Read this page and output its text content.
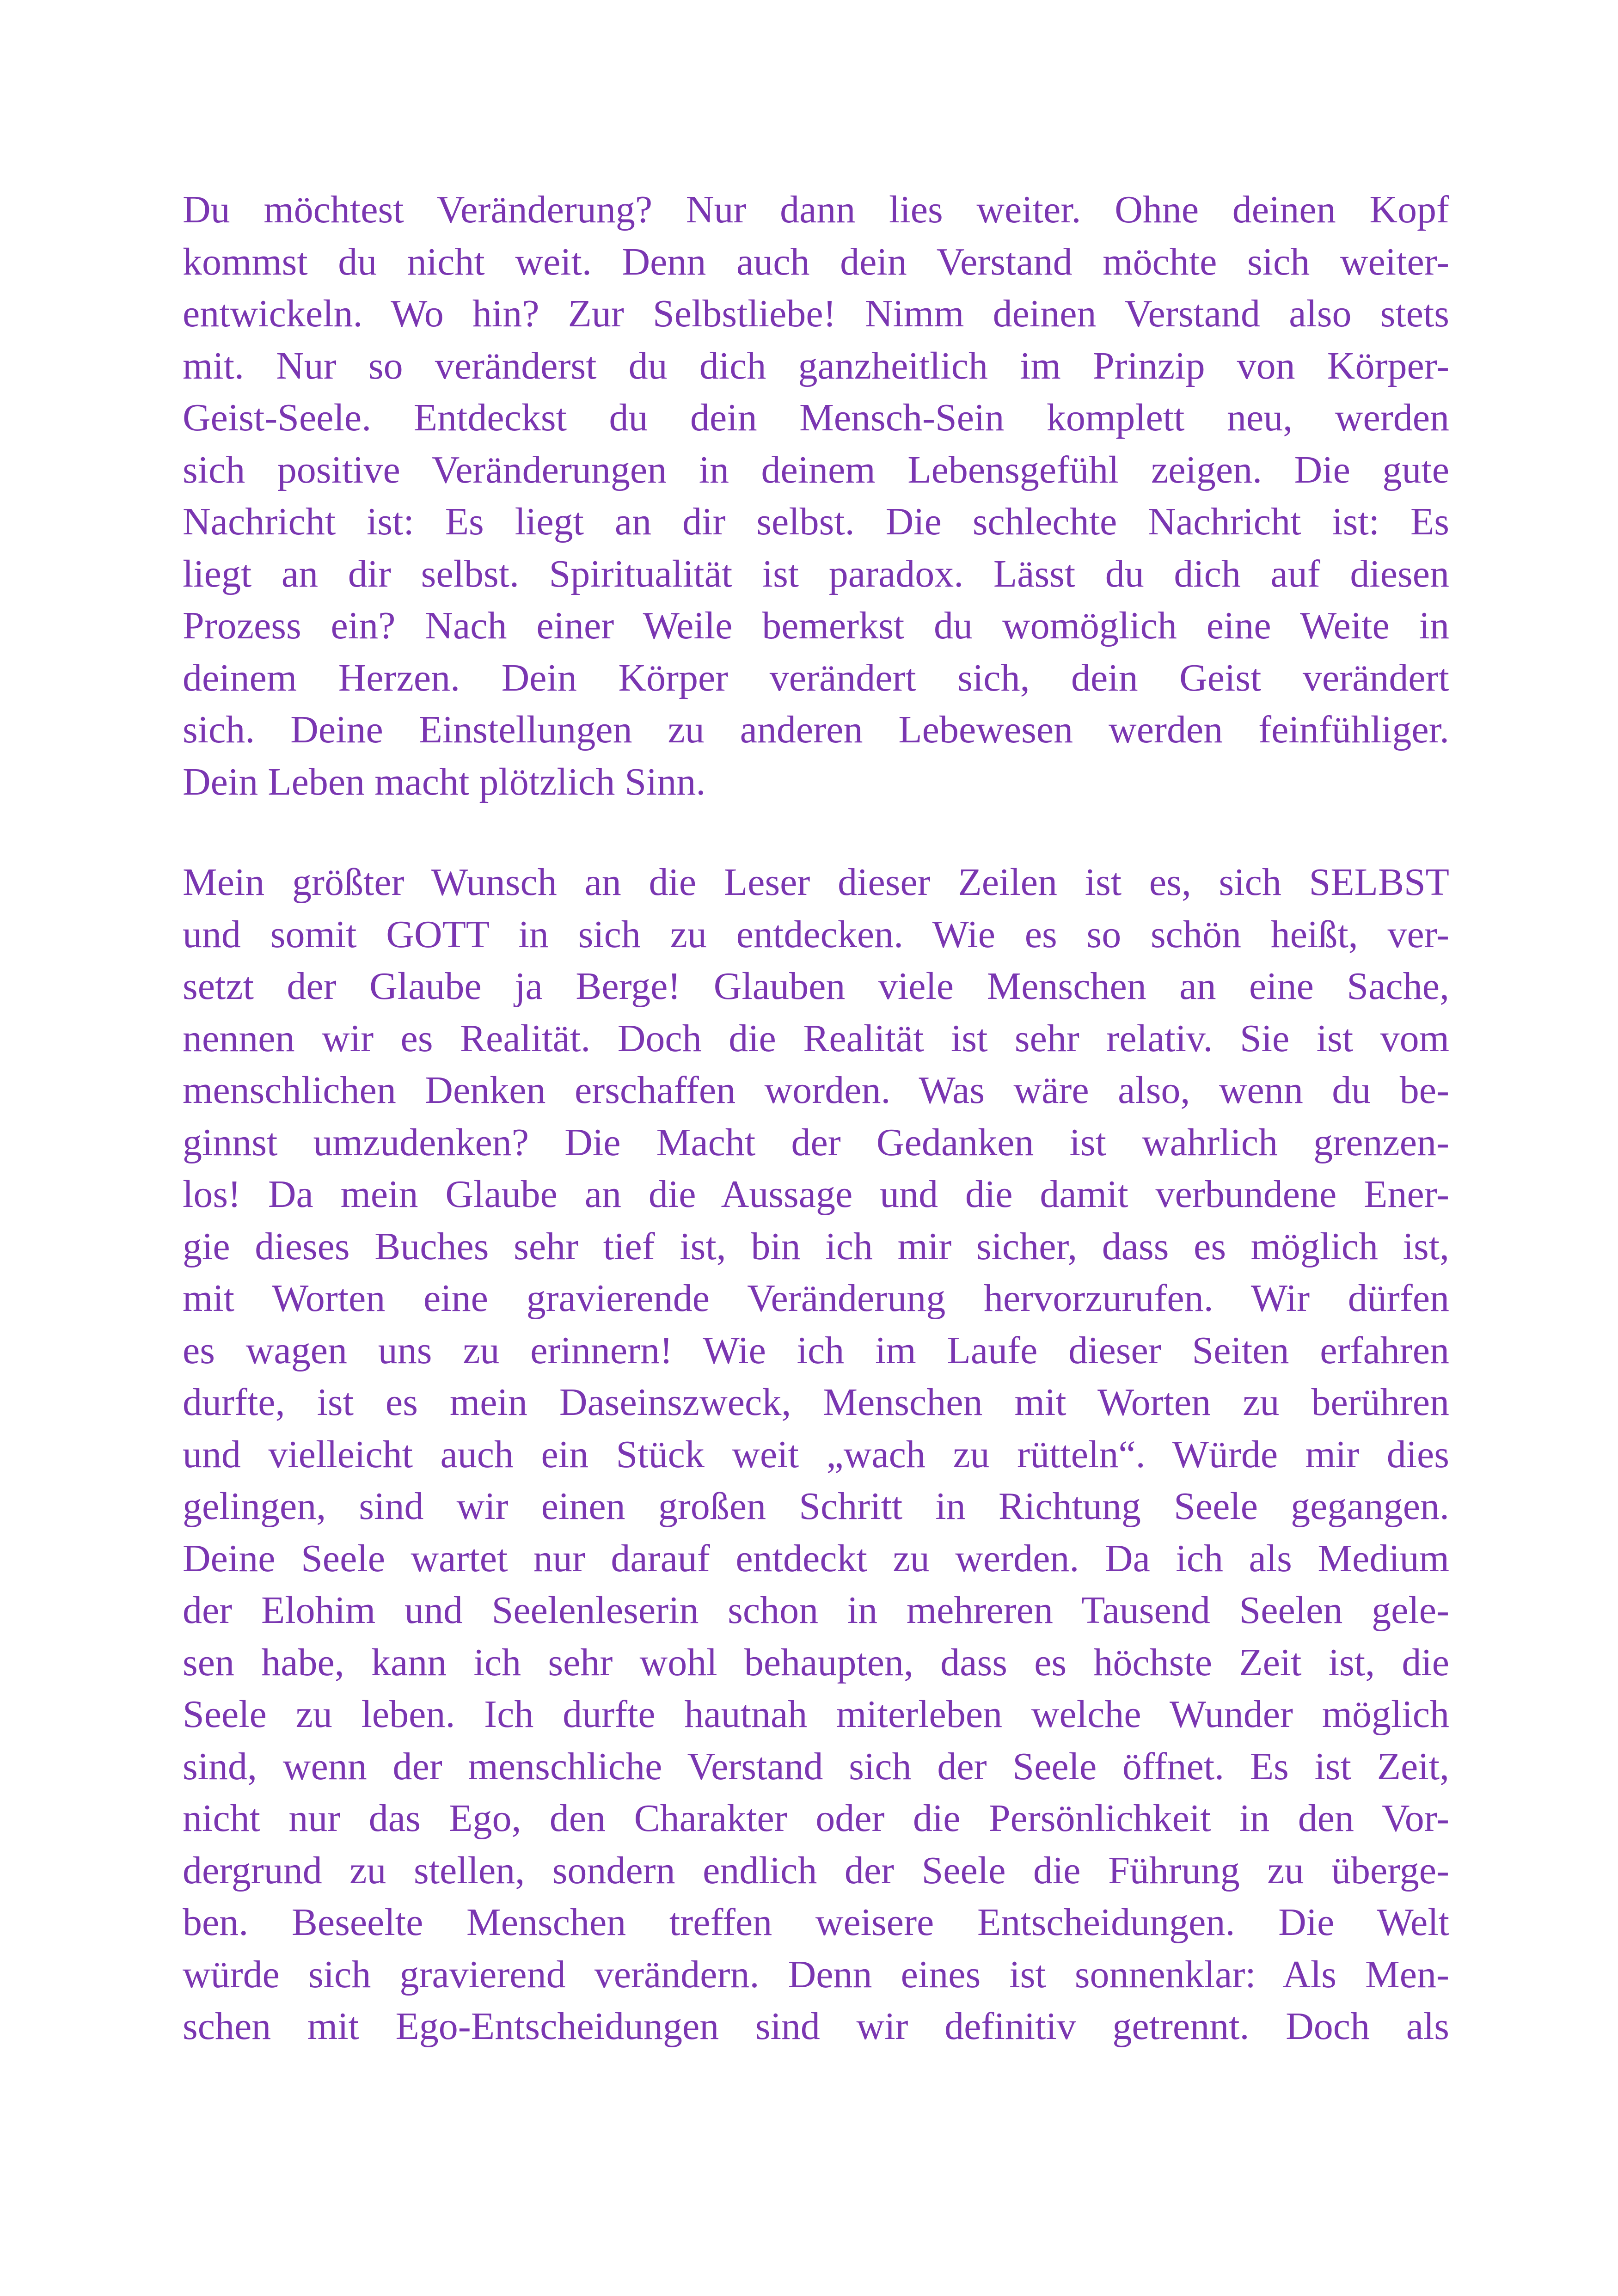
Du möchtest Veränderung? Nur dann lies weiter. Ohne deinen Kopf
kommst du nicht weit. Denn auch dein Verstand möchte sich weiter-
entwickeln. Wo hin? Zur Selbstliebe! Nimm deinen Verstand also stets
mit. Nur so veränderst du dich ganzheitlich im Prinzip von Körper-
Geist-Seele. Entdeckst du dein Mensch-Sein komplett neu, werden
sich positive Veränderungen in deinem Lebensgefühl zeigen. Die gute
Nachricht ist: Es liegt an dir selbst. Die schlechte Nachricht ist: Es
liegt an dir selbst. Spiritualität ist paradox. Lässt du dich auf diesen
Prozess ein? Nach einer Weile bemerkst du womöglich eine Weite in
deinem Herzen. Dein Körper verändert sich, dein Geist verändert
sich. Deine Einstellungen zu anderen Lebewesen werden feinfühliger.
Dein Leben macht plötzlich Sinn.
Mein größter Wunsch an die Leser dieser Zeilen ist es, sich SELBST
und somit GOTT in sich zu entdecken. Wie es so schön heißt, ver-
setzt der Glaube ja Berge! Glauben viele Menschen an eine Sache,
nennen wir es Realität. Doch die Realität ist sehr relativ. Sie ist vom
menschlichen Denken erschaffen worden. Was wäre also, wenn du be-
ginnst umzudenken? Die Macht der Gedanken ist wahrlich grenzen-
los! Da mein Glaube an die Aussage und die damit verbundene Ener-
gie dieses Buches sehr tief ist, bin ich mir sicher, dass es möglich ist,
mit Worten eine gravierende Veränderung hervorzurufen. Wir dürfen
es wagen uns zu erinnern! Wie ich im Laufe dieser Seiten erfahren
durfte, ist es mein Daseinszweck, Menschen mit Worten zu berühren
und vielleicht auch ein Stück weit „wach zu rütteln“. Würde mir dies
gelingen, sind wir einen großen Schritt in Richtung Seele gegangen.
Deine Seele wartet nur darauf entdeckt zu werden. Da ich als Medium
der Elohim und Seelenleserin schon in mehreren Tausend Seelen gele-
sen habe, kann ich sehr wohl behaupten, dass es höchste Zeit ist, die
Seele zu leben. Ich durfte hautnah miterleben welche Wunder möglich
sind, wenn der menschliche Verstand sich der Seele öffnet. Es ist Zeit,
nicht nur das Ego, den Charakter oder die Persönlichkeit in den Vor-
dergrund zu stellen, sondern endlich der Seele die Führung zu überge-
ben. Beseelte Menschen treffen weisere Entscheidungen. Die Welt
würde sich gravierend verändern. Denn eines ist sonnenklar: Als Men-
schen mit Ego-Entscheidungen sind wir definitiv getrennt. Doch als
